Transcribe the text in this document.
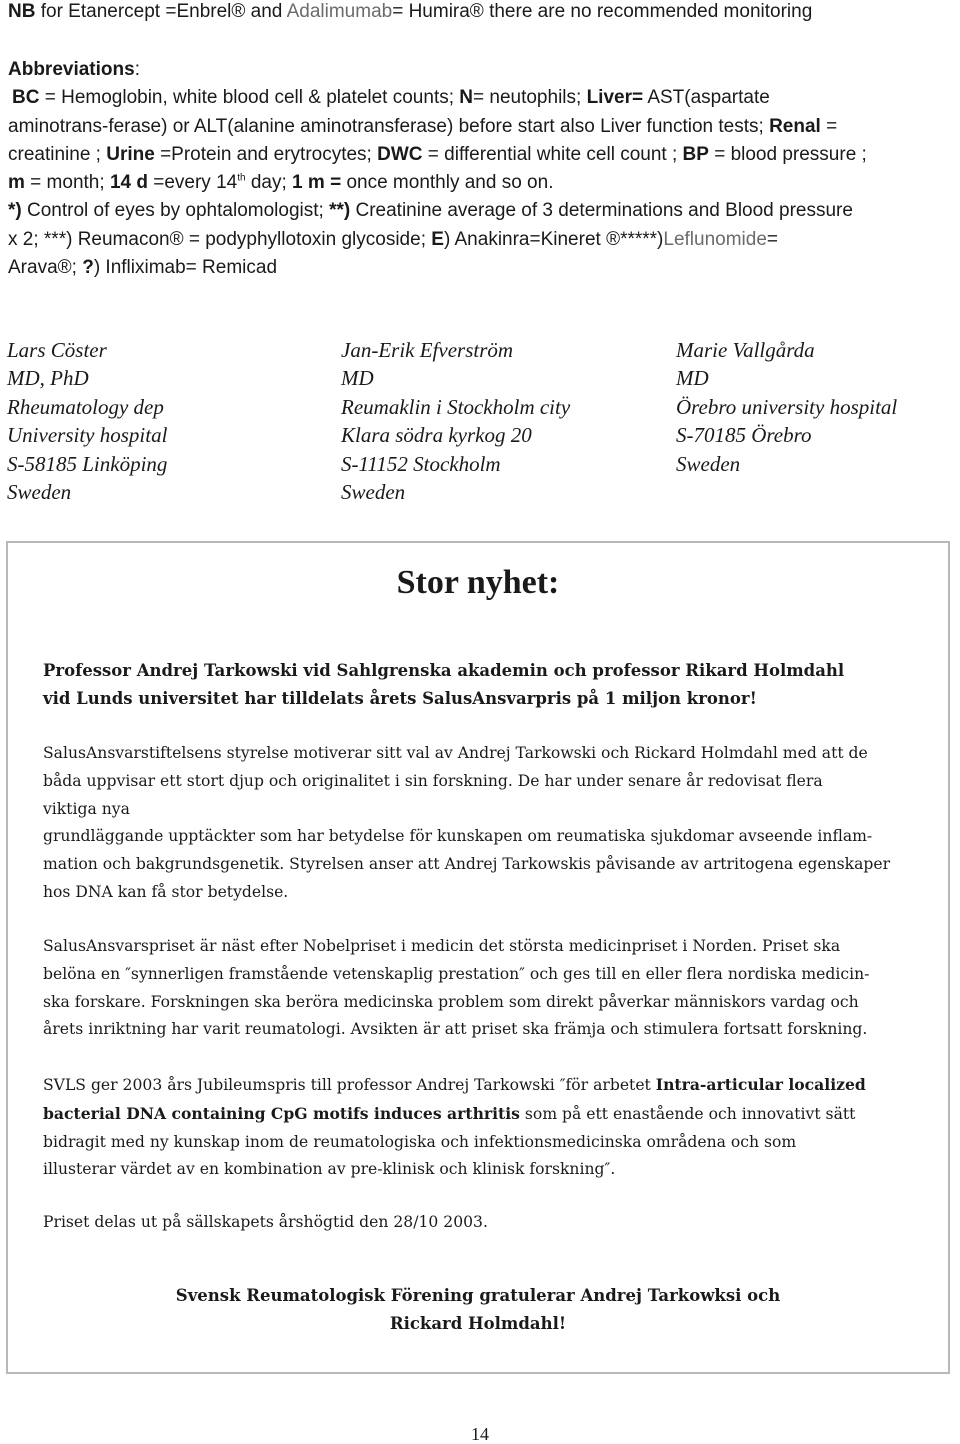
NB for Etanercept =Enbrel® and Adalimumab= Humira® there are no recommended monitoring
Abbreviations:
BC = Hemoglobin, white blood cell & platelet counts; N= neutophils; Liver= AST(aspartate
aminotrans-ferase) or ALT(alanine aminotransferase) before start also Liver function tests; Renal =
creatinine ; Urine =Protein and erytrocytes; DWC = differential white cell count ; BP = blood pressure ;
m = month; 14 d =every 14th day; 1 m = once monthly and so on.
*) Control of eyes by ophtalomologist; **) Creatinine average of 3 determinations and Blood pressure
x 2; ***) Reumacon® = podyphyllotoxin glycoside; E) Anakinra=Kineret ®*****)Leflunomide=
Arava®; ?) Infliximab= Remicad
Lars Cöster
MD, PhD
Rheumatology dep
University hospital
S-58185 Linköping
Sweden
Jan-Erik Efverström
MD
Reumaklin i Stockholm city
Klara södra kyrkog 20
S-11152 Stockholm
Sweden
Marie Vallgårda
MD
Örebro university hospital
S-70185 Örebro
Sweden
Stor nyhet:
Professor Andrej Tarkowski vid Sahlgrenska akademin och professor Rikard Holmdahl
vid Lunds universitet har tilldelats årets SalusAnsvarpris på 1 miljon kronor!
SalusAnsvarstiftelsens styrelse motiverar sitt val av Andrej Tarkowski och Rickard Holmdahl med att de
båda uppvisar ett stort djup och originalitet i sin forskning. De har under senare år redovisat flera
viktiga nya
grundläggande upptäckter som har betydelse för kunskapen om reumatiska sjukdomar avseende inflam-
mation och bakgrundsgenetik. Styrelsen anser att Andrej Tarkowskis påvisande av artritogena egenskaper
hos DNA kan få stor betydelse.
SalusAnsvarspriset är näst efter Nobelpriset i medicin det största medicinpriset i Norden. Priset ska
belöna en ″synnerligen framstående vetenskaplig prestation″ och ges till en eller flera nordiska medicin-
ska forskare. Forskningen ska beröra medicinska problem som direkt påverkar människors vardag och
årets inriktning har varit reumatologi. Avsikten är att priset ska främja och stimulera fortsatt forskning.
SVLS ger 2003 års Jubileumspris till professor Andrej Tarkowski ″för arbetet Intra-articular localized
bacterial DNA containing CpG motifs induces arthritis som på ett enastående och innovativt sätt
bidragit med ny kunskap inom de reumatologiska och infektionsmedicinska områdena och som
illusterar värdet av en kombination av pre-klinisk och klinisk forskning″.
Priset delas ut på sällskapets årshögtid den 28/10 2003.
Svensk Reumatologisk Förening gratulerar Andrej Tarkowksi och
Rickard Holmdahl!
14
